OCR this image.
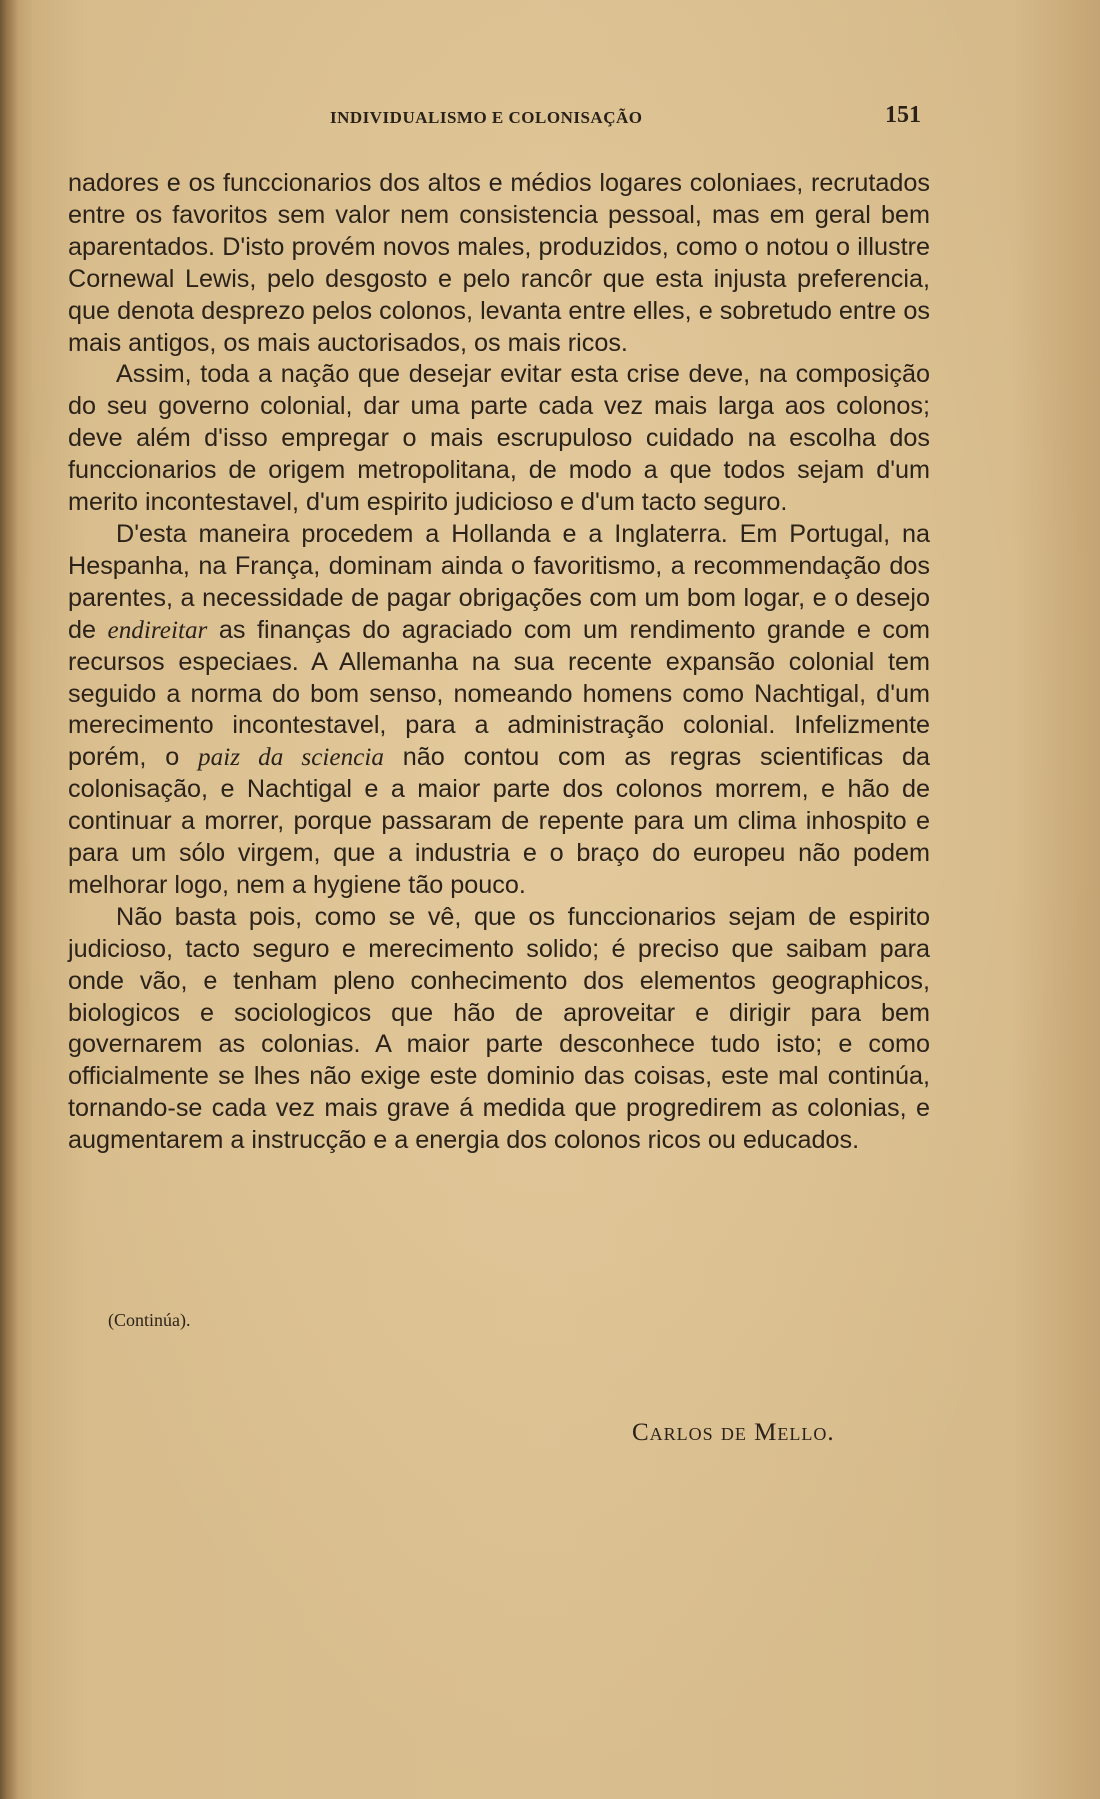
INDIVIDUALISMO E COLONISAÇÃO	151

nadores e os funccionarios dos altos e médios logares coloniaes, recrutados entre os favoritos sem valor nem consistencia pessoal, mas em geral bem aparentados. D'isto provém novos males, produzidos, como o notou o illustre Cornewal Lewis, pelo desgosto e pelo rancôr que esta injusta preferencia, que denota desprezo pelos colonos, levanta entre elles, e sobretudo entre os mais antigos, os mais auctorisados, os mais ricos.

Assim, toda a nação que desejar evitar esta crise deve, na composição do seu governo colonial, dar uma parte cada vez mais larga aos colonos; deve além d'isso empregar o mais escrupuloso cuidado na escolha dos funccionarios de origem metropolitana, de modo a que todos sejam d'um merito incontestavel, d'um espirito judicioso e d'um tacto seguro.

D'esta maneira procedem a Hollanda e a Inglaterra. Em Portugal, na Hespanha, na França, dominam ainda o favoritismo, a recommendação dos parentes, a necessidade de pagar obrigações com um bom logar, e o desejo de endireitar as finanças do agraciado com um rendimento grande e com recursos especiaes. A Allemanha na sua recente expansão colonial tem seguido a norma do bom senso, nomeando homens como Nachtigal, d'um merecimento incontestavel, para a administração colonial. Infelizmente porém, o paiz da sciencia não contou com as regras scientificas da colonisação, e Nachtigal e a maior parte dos colonos morrem, e hão de continuar a morrer, porque passaram de repente para um clima inhospito e para um sólo virgem, que a industria e o braço do europeu não podem melhorar logo, nem a hygiene tão pouco.

Não basta pois, como se vê, que os funccionarios sejam de espirito judicioso, tacto seguro e merecimento solido; é preciso que saibam para onde vão, e tenham pleno conhecimento dos elementos geographicos, biologicos e sociologicos que hão de aproveitar e dirigir para bem governarem as colonias. A maior parte desconhece tudo isto; e como officialmente se lhes não exige este dominio das coisas, este mal continúa, tornando-se cada vez mais grave á medida que progredirem as colonias, e augmentarem a instrucção e a energia dos colonos ricos ou educados.

(Continúa).
Carlos de Mello.
